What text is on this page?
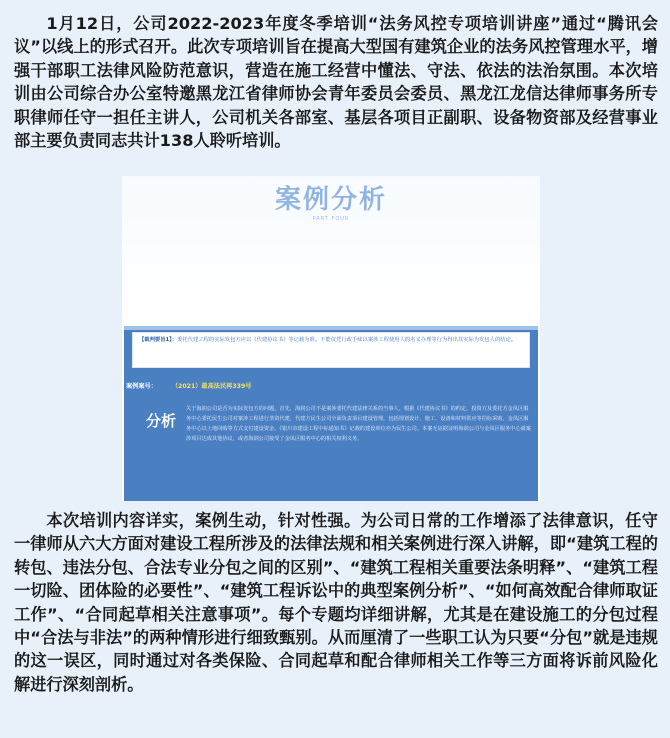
1月12日，公司2022-2023年度冬季培训“法务风控专项培训讲座”通过“腾讯会议”以线上的形式召开。此次专项培训旨在提高大型国有建筑企业的法务风控管理水平，增强干部职工法律风险防范意识，营造在施工经营中懂法、守法、依法的法治氛围。本次培训由公司综合办公室特邀黑龙江省律师协会青年委员会委员、黑龙江龙信达律师事务所专职律师任守一担任主讲人，公司机关各部室、基层各项目正副职、设备物资部及经营事业部主要负责同志共计138人聆听培训。

案例分析
PART FOUR
【裁判要旨1】：委托代建工程的实际发包方应以《代建协议书》等记载为准。不能仅凭行政手续以案涉工程使用人的名义办理等行为得出其实际为发包人的结论。
案例案号：	（2021）最高法民再339号
分析
关于海润公司是否为实际发包方的问题。首先，海润公司不是案涉委托代建法律关系的当事人。根据《代建协议书》的约定，投资方及委托方金凤区服务中心委托民生公司对案涉工程进行垄资代建，代建方民生公司全面负责项目建设管理，包括规划设计、施工、设备和材料供应等招标采购，金凤区服务中心以土地回购等方式支付建设资金。《银川市建设工程中标通知书》记载的建设单位亦为民生公司。本案无证据证明海润公司与金凤区服务中心就案涉项目达成其他协议，或者海润公司接受了金凤区服务中心的相关权利义务。

本次培训内容详实，案例生动，针对性强。为公司日常的工作增添了法律意识，任守一律师从六大方面对建设工程所涉及的法律法规和相关案例进行深入讲解，即“建筑工程的转包、违法分包、合法专业分包之间的区别”、“建筑工程相关重要法条明释”、“建筑工程一切险、团体险的必要性”、“建筑工程诉讼中的典型案例分析”、“如何高效配合律师取证工作”、“合同起草相关注意事项”。每个专题均详细讲解，尤其是在建设施工的分包过程中“合法与非法”的两种情形进行细致甄别。从而厘清了一些职工认为只要“分包”就是违规的这一误区，同时通过对各类保险、合同起草和配合律师相关工作等三方面将诉前风险化解进行深刻剖析。
